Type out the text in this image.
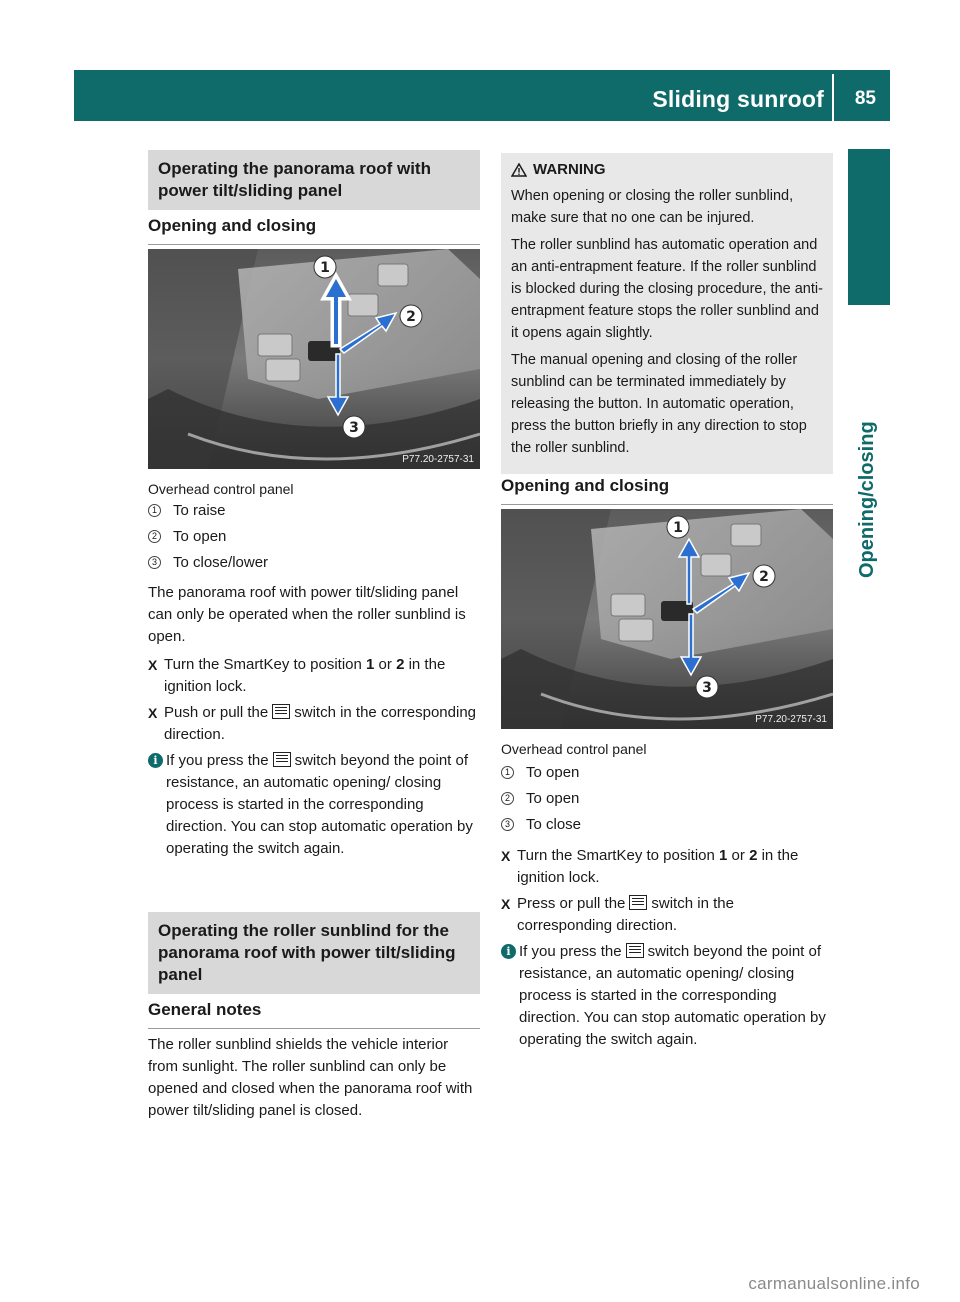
Sliding sunroof 85
Opening/closing
Operating the panorama roof with power tilt/sliding panel
Opening and closing
1
2
3
P77.20-2757-31
Overhead control panel
1 To raise
2 To open
3 To close/lower
The panorama roof with power tilt/sliding panel can only be operated when the roller sunblind is open.
X Turn the SmartKey to position 1 or 2 in the ignition lock.
X Push or pull the switch in the corresponding direction.
i If you press the switch beyond the point of resistance, an automatic opening/ closing process is started in the corresponding direction. You can stop automatic operation by operating the switch again.
Operating the roller sunblind for the panorama roof with power tilt/sliding panel
General notes
The roller sunblind shields the vehicle interior from sunlight. The roller sunblind can only be opened and closed when the panorama roof with power tilt/sliding panel is closed.
WARNING

When opening or closing the roller sunblind, make sure that no one can be injured.

The roller sunblind has automatic operation and an anti-entrapment feature. If the roller sunblind is blocked during the closing procedure, the anti-entrapment feature stops the roller sunblind and it opens again slightly.

The manual opening and closing of the roller sunblind can be terminated immediately by releasing the button. In automatic operation, press the button briefly in any direction to stop the roller sunblind.

Opening and closing
1
2
3
P77.20-2757-31
Overhead control panel
1 To open
2 To open
3 To close
X Turn the SmartKey to position 1 or 2 in the ignition lock.
X Press or pull the switch in the corresponding direction.
i If you press the switch beyond the point of resistance, an automatic opening/ closing process is started in the corresponding direction. You can stop automatic operation by operating the switch again.
carmanualsonline.info
